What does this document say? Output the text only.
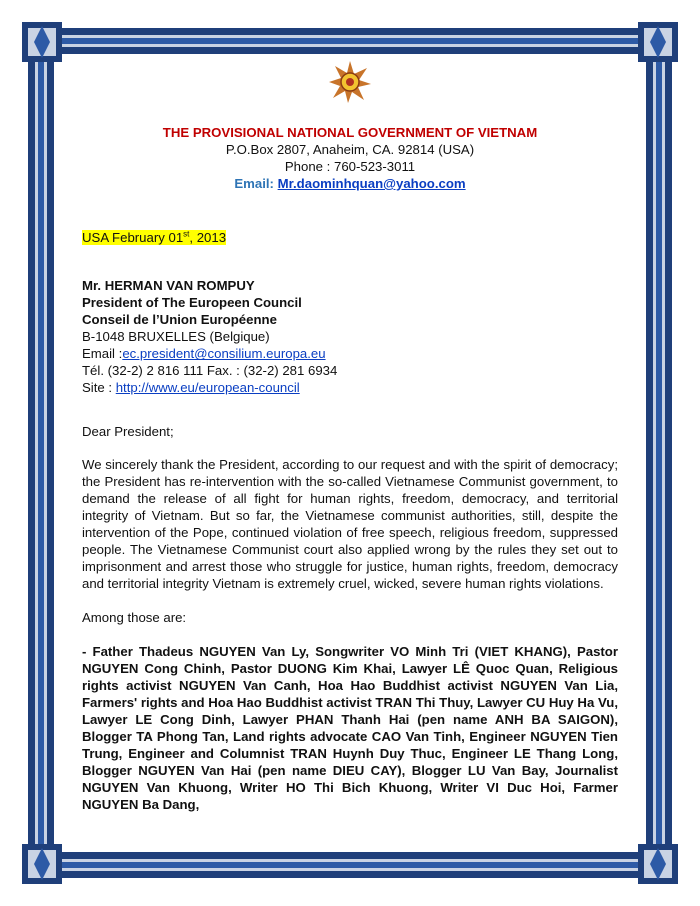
THE PROVISIONAL NATIONAL GOVERNMENT OF VIETNAM
P.O.Box 2807, Anaheim, CA. 92814 (USA)
Phone : 760-523-3011
Email: Mr.daominhquan@yahoo.com
USA February 01st, 2013
Mr. HERMAN VAN ROMPUY
President of The Europeen Council
Conseil de l’Union Européenne
B-1048 BRUXELLES (Belgique)
Email :ec.president@consilium.europa.eu
Tél. (32-2) 2 816 111 Fax. : (32-2) 281 6934
Site : http://www.eu/european-council
Dear President;

We sincerely thank the President, according to our request and with the spirit of democracy; the President has re-intervention with the so-called Vietnamese Communist government, to demand the release of all fight for human rights, freedom, democracy, and territorial integrity of Vietnam. But so far, the Vietnamese communist authorities, still, despite the intervention of the Pope, continued violation of free speech, religious freedom, suppressed people. The Vietnamese Communist court also applied wrong by the rules they set out to imprisonment and arrest those who struggle for justice, human rights, freedom, democracy and territorial integrity Vietnam is extremely cruel, wicked, severe human rights violations.

Among those are:

- Father Thadeus NGUYEN Van Ly, Songwriter VO Minh Tri (VIET KHANG), Pastor NGUYEN Cong Chinh, Pastor DUONG Kim Khai, Lawyer LÊ Quoc Quan, Religious rights activist NGUYEN Van Canh, Hoa Hao Buddhist activist NGUYEN Van Lia, Farmers' rights and Hoa Hao Buddhist activist TRAN Thi Thuy, Lawyer CU Huy Ha Vu, Lawyer LE Cong Dinh, Lawyer PHAN Thanh Hai (pen name ANH BA SAIGON), Blogger TA Phong Tan, Land rights advocate CAO Van Tinh, Engineer NGUYEN Tien Trung, Engineer and Columnist TRAN Huynh Duy Thuc, Engineer LE Thang Long, Blogger NGUYEN Van Hai (pen name DIEU CAY), Blogger LU Van Bay, Journalist NGUYEN Van Khuong, Writer HO Thi Bich Khuong, Writer VI Duc Hoi, Farmer NGUYEN Ba Dang,
